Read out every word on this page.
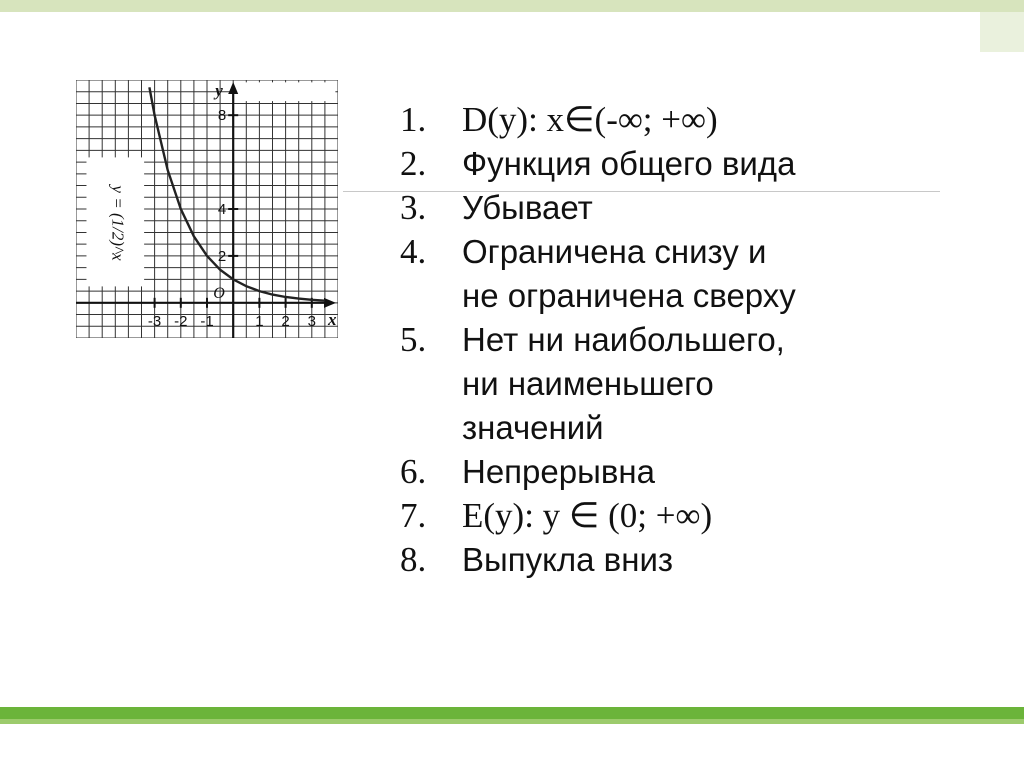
-3 -2 -1	1 2 3
2
4
8
x
y
O
y = (1/2)^x
1.	D(y): x∈(-∞; +∞)
2.	Функция общего вида
3.	Убывает
4.	Ограничена снизу и
не ограничена сверху
5.	Нет ни наибольшего,
ни наименьшего
значений
6.	Непрерывна
7.	E(y): y ∈ (0; +∞)
8.	Выпукла вниз
